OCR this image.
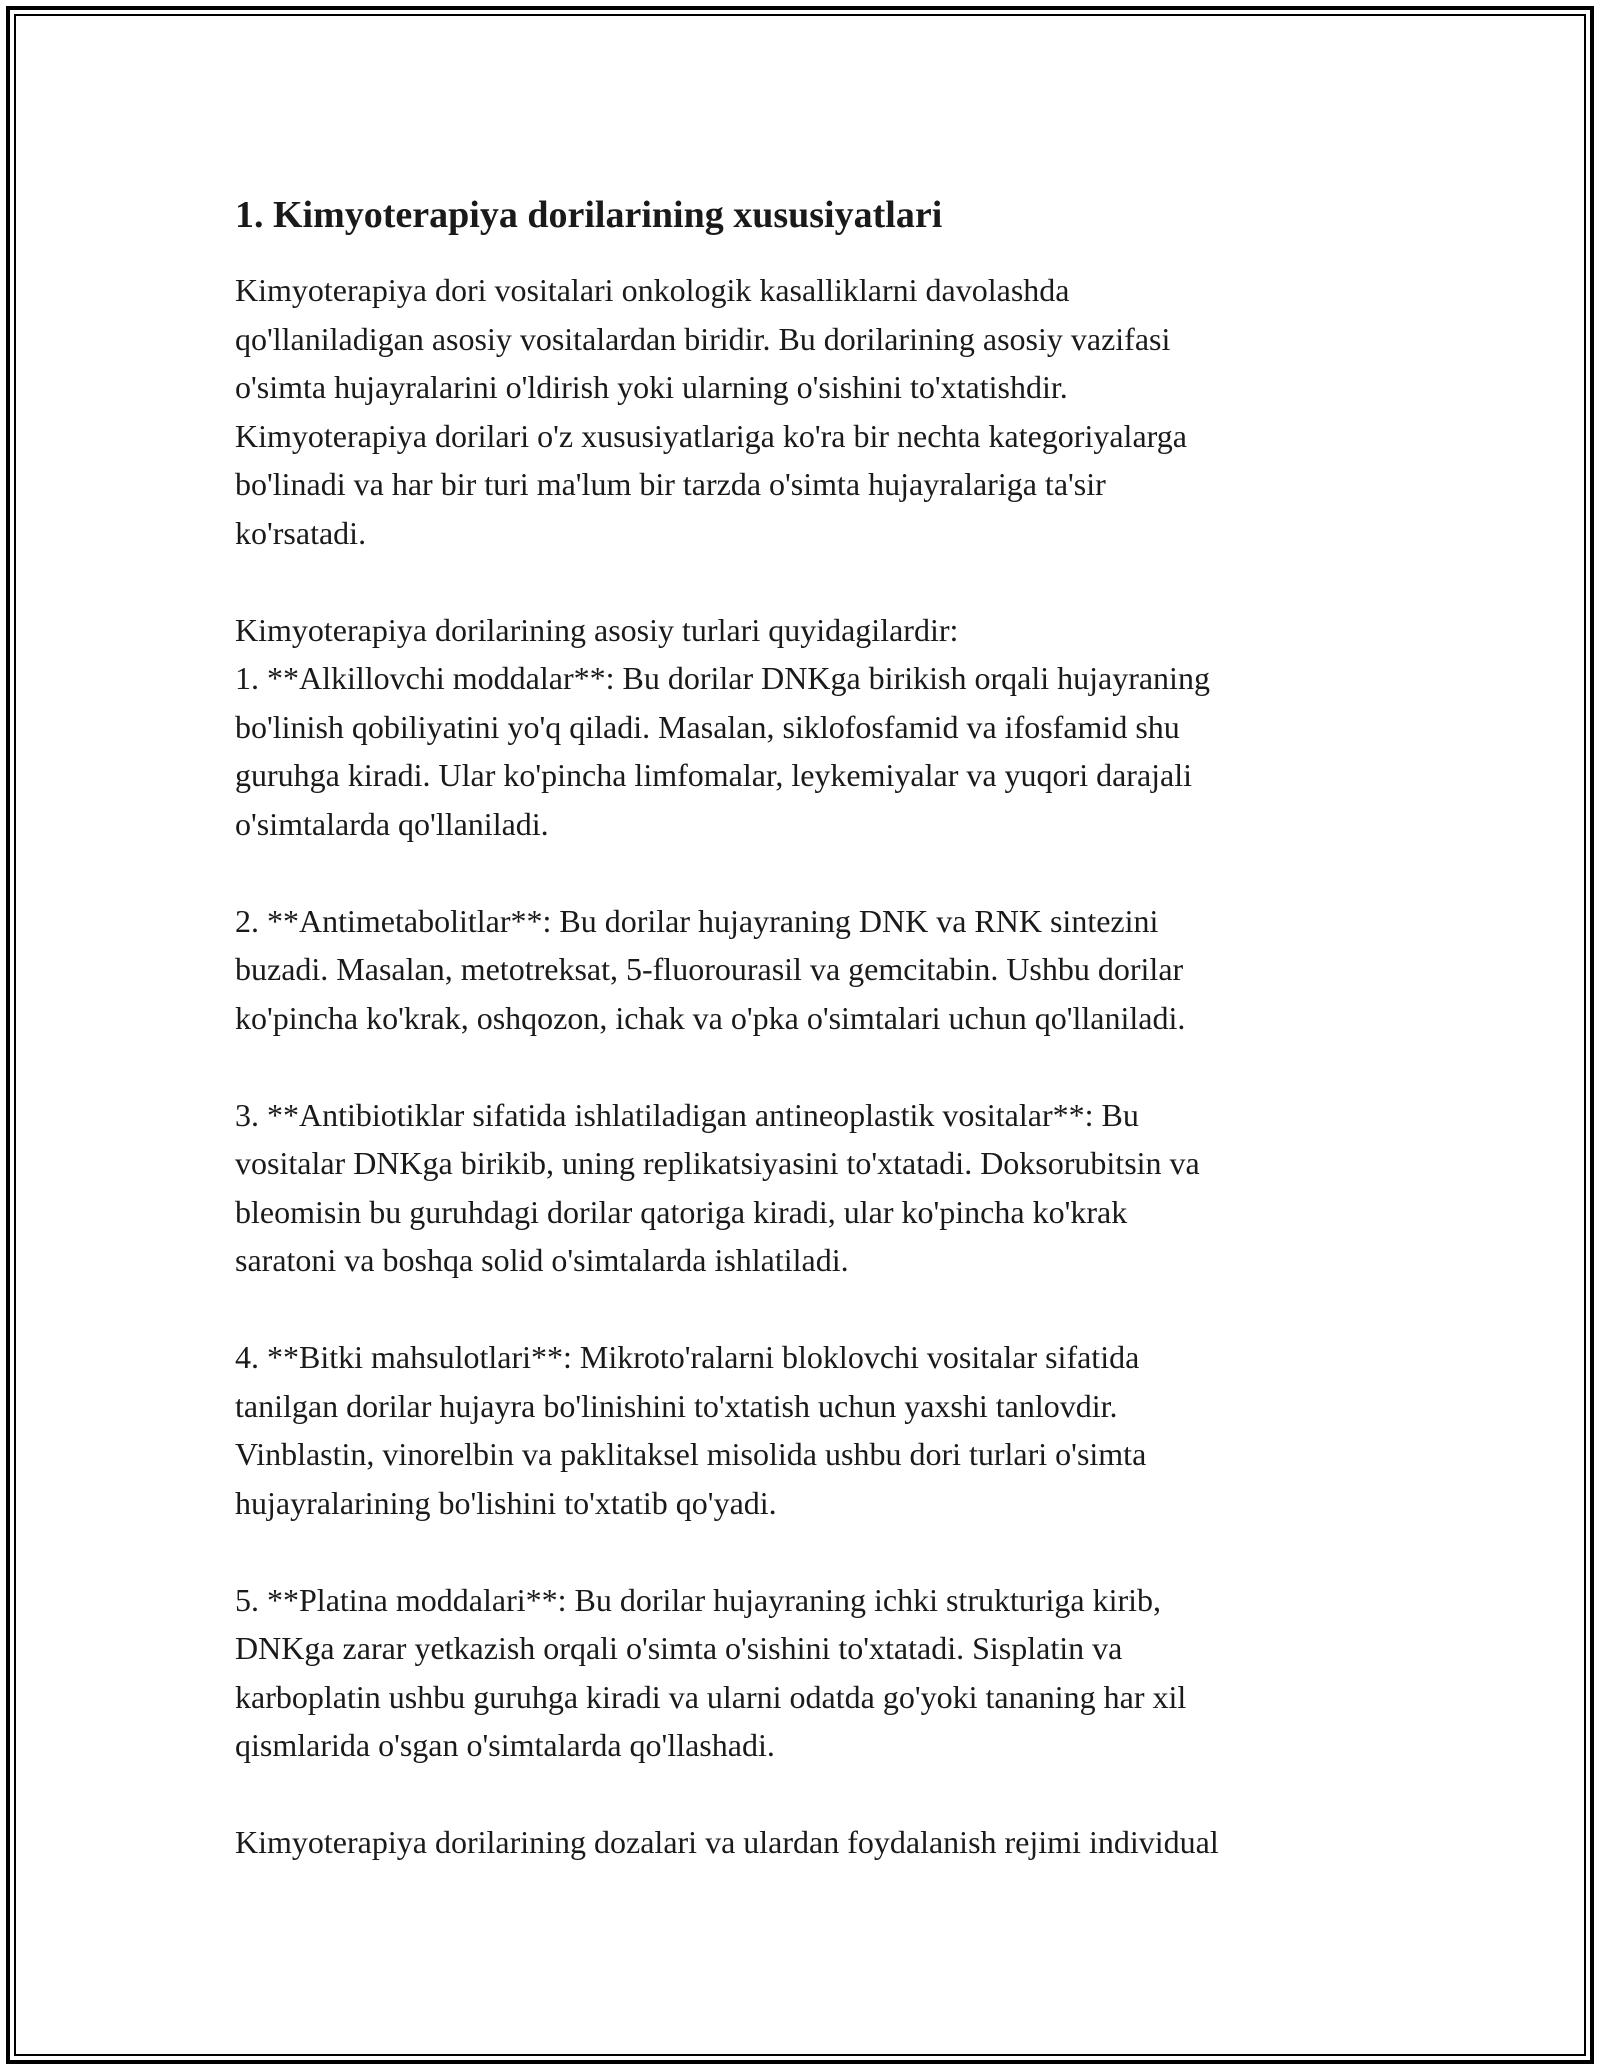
1. Kimyoterapiya dorilarining xususiyatlari

Kimyoterapiya dori vositalari onkologik kasalliklarni davolashda
qo'llaniladigan asosiy vositalardan biridir. Bu dorilarining asosiy vazifasi
o'simta hujayralarini o'ldirish yoki ularning o'sishini to'xtatishdir.
Kimyoterapiya dorilari o'z xususiyatlariga ko'ra bir nechta kategoriyalarga
bo'linadi va har bir turi ma'lum bir tarzda o'simta hujayralariga ta'sir
ko'rsatadi.

Kimyoterapiya dorilarining asosiy turlari quyidagilardir:
1. **Alkillovchi moddalar**: Bu dorilar DNKga birikish orqali hujayraning
bo'linish qobiliyatini yo'q qiladi. Masalan, siklofosfamid va ifosfamid shu
guruhga kiradi. Ular ko'pincha limfomalar, leykemiyalar va yuqori darajali
o'simtalarda qo'llaniladi.

2. **Antimetabolitlar**: Bu dorilar hujayraning DNK va RNK sintezini
buzadi. Masalan, metotreksat, 5-fluorourasil va gemcitabin. Ushbu dorilar
ko'pincha ko'krak, oshqozon, ichak va o'pka o'simtalari uchun qo'llaniladi.

3. **Antibiotiklar sifatida ishlatiladigan antineoplastik vositalar**: Bu
vositalar DNKga birikib, uning replikatsiyasini to'xtatadi. Doksorubitsin va
bleomisin bu guruhdagi dorilar qatoriga kiradi, ular ko'pincha ko'krak
saratoni va boshqa solid o'simtalarda ishlatiladi.

4. **Bitki mahsulotlari**: Mikroto'ralarni bloklovchi vositalar sifatida
tanilgan dorilar hujayra bo'linishini to'xtatish uchun yaxshi tanlovdir.
Vinblastin, vinorelbin va paklitaksel misolida ushbu dori turlari o'simta
hujayralarining bo'lishini to'xtatib qo'yadi.

5. **Platina moddalari**: Bu dorilar hujayraning ichki strukturiga kirib,
DNKga zarar yetkazish orqali o'simta o'sishini to'xtatadi. Sisplatin va
karboplatin ushbu guruhga kiradi va ularni odatda go'yoki tananing har xil
qismlarida o'sgan o'simtalarda qo'llashadi.

Kimyoterapiya dorilarining dozalari va ulardan foydalanish rejimi individual
